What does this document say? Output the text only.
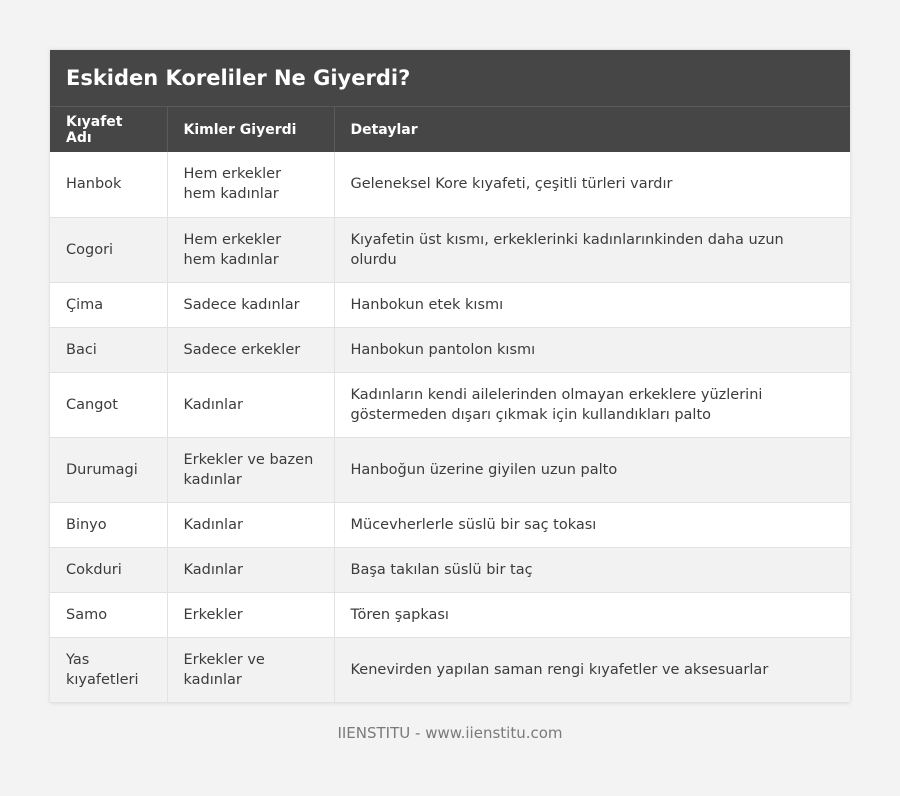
Eskiden Koreliler Ne Giyerdi?
Kıyafet Adı	Kimler Giyerdi	Detaylar
Hanbok	Hem erkekler hem kadınlar	Geleneksel Kore kıyafeti, çeşitli türleri vardır
Cogori	Hem erkekler hem kadınlar	Kıyafetin üst kısmı, erkeklerinki kadınlarınkinden daha uzun olurdu
Çima	Sadece kadınlar	Hanbokun etek kısmı
Baci	Sadece erkekler	Hanbokun pantolon kısmı
Cangot	Kadınlar	Kadınların kendi ailelerinden olmayan erkeklere yüzlerini göstermeden dışarı çıkmak için kullandıkları palto
Durumagi	Erkekler ve bazen kadınlar	Hanboğun üzerine giyilen uzun palto
Binyo	Kadınlar	Mücevherlerle süslü bir saç tokası
Cokduri	Kadınlar	Başa takılan süslü bir taç
Samo	Erkekler	Tören şapkası
Yas kıyafetleri	Erkekler ve kadınlar	Kenevirden yapılan saman rengi kıyafetler ve aksesuarlar
IIENSTITU - www.iienstitu.com
